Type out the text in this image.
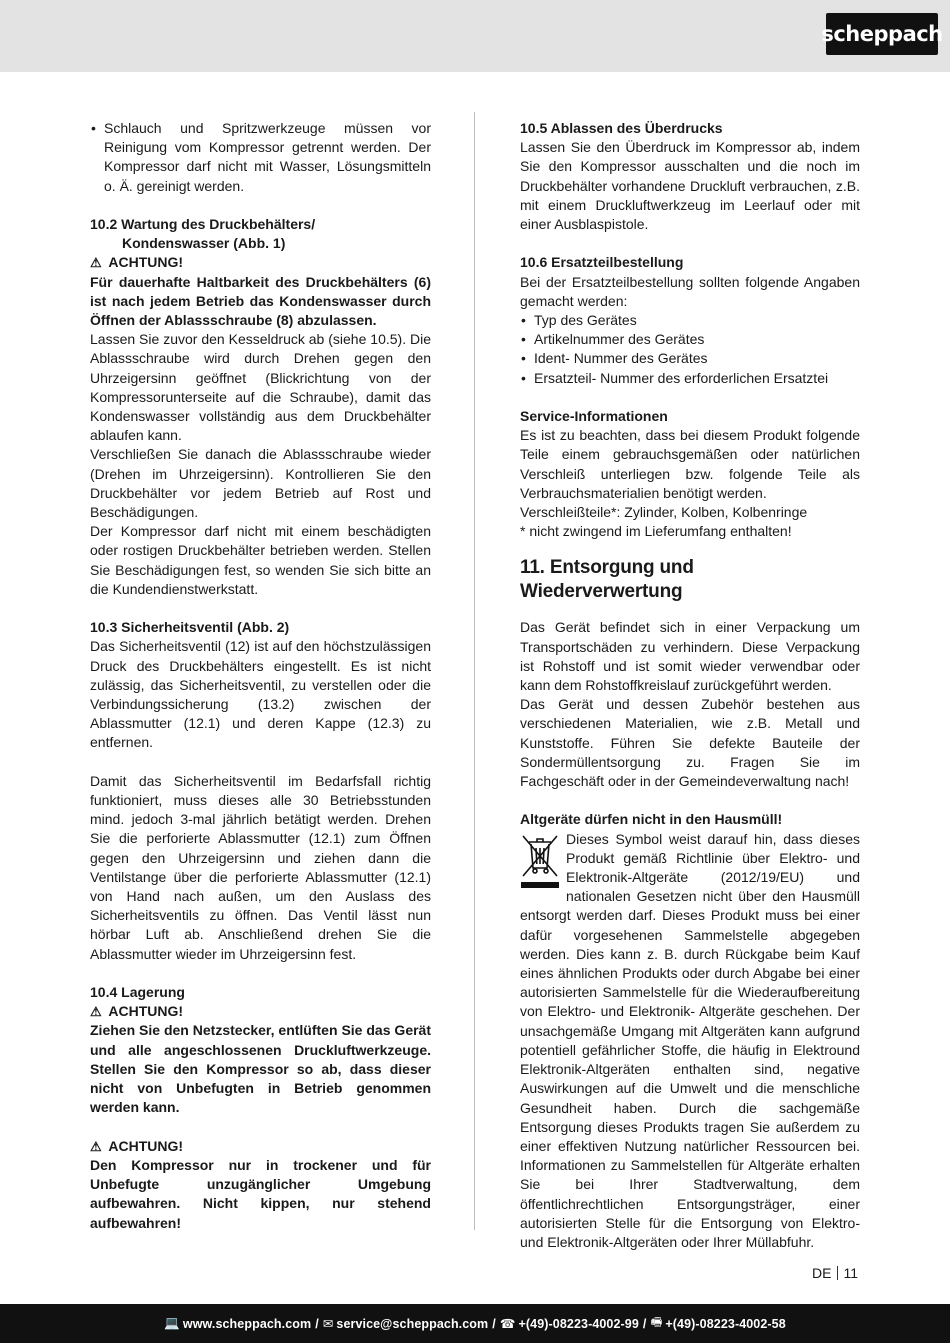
scheppach
• Schlauch und Spritzwerkzeuge müssen vor Reinigung vom Kompressor getrennt werden. Der Kompressor darf nicht mit Wasser, Lösungsmitteln o. Ä. gereinigt werden.

10.2 Wartung des Druckbehälters/

Kondenswasser (Abb. 1)

⚠ ACHTUNG!

Für dauerhafte Haltbarkeit des Druckbehälters (6) ist nach jedem Betrieb das Kondenswasser durch Öffnen der Ablassschraube (8) abzulassen.

Lassen Sie zuvor den Kesseldruck ab (siehe 10.5). Die Ablassschraube wird durch Drehen gegen den Uhrzeigersinn geöffnet (Blickrichtung von der Kompressorunterseite auf die Schraube), damit das Kondenswasser vollständig aus dem Druckbehälter ablaufen kann.

Verschließen Sie danach die Ablassschraube wieder (Drehen im Uhrzeigersinn). Kontrollieren Sie den Druckbehälter vor jedem Betrieb auf Rost und Beschädigungen.

Der Kompressor darf nicht mit einem beschädigten oder rostigen Druckbehälter betrieben werden. Stellen Sie Beschädigungen fest, so wenden Sie sich bitte an die Kundendienstwerkstatt.

10.3 Sicherheitsventil (Abb. 2)

Das Sicherheitsventil (12) ist auf den höchstzulässigen Druck des Druckbehälters eingestellt. Es ist nicht zulässig, das Sicherheitsventil, zu verstellen oder die Verbindungssicherung (13.2) zwischen der Ablassmutter (12.1) und deren Kappe (12.3) zu entfernen.

Damit das Sicherheitsventil im Bedarfsfall richtig funktioniert, muss dieses alle 30 Betriebsstunden mind. jedoch 3-mal jährlich betätigt werden. Drehen Sie die perforierte Ablassmutter (12.1) zum Öffnen gegen den Uhrzeigersinn und ziehen dann die Ventilstange über die perforierte Ablassmutter (12.1) von Hand nach außen, um den Auslass des Sicherheitsventils zu öffnen. Das Ventil lässt nun hörbar Luft ab. Anschließend drehen Sie die Ablassmutter wieder im Uhrzeigersinn fest.

10.4 Lagerung

⚠ ACHTUNG!

Ziehen Sie den Netzstecker, entlüften Sie das Gerät und alle angeschlossenen Druckluftwerkzeuge. Stellen Sie den Kompressor so ab, dass dieser nicht von Unbefugten in Betrieb genommen werden kann.

⚠ ACHTUNG!

Den Kompressor nur in trockener und für Unbefugte unzugänglicher Umgebung aufbewahren. Nicht kippen, nur stehend aufbewahren!

10.5 Ablassen des Überdrucks

Lassen Sie den Überdruck im Kompressor ab, indem Sie den Kompressor ausschalten und die noch im Druckbehälter vorhandene Druckluft verbrauchen, z.B. mit einem Druckluftwerkzeug im Leerlauf oder mit einer Ausblaspistole.

10.6 Ersatzteilbestellung

Bei der Ersatzteilbestellung sollten folgende Angaben gemacht werden:

• Typ des Gerätes
• Artikelnummer des Gerätes
• Ident- Nummer des Gerätes
• Ersatzteil- Nummer des erforderlichen Ersatztei

Service-Informationen

Es ist zu beachten, dass bei diesem Produkt folgende Teile einem gebrauchsgemäßen oder natürlichen Verschleiß unterliegen bzw. folgende Teile als Verbrauchsmaterialien benötigt werden.

Verschleißteile*: Zylinder, Kolben, Kolbenringe

* nicht zwingend im Lieferumfang enthalten!

11. Entsorgung und Wiederverwertung

Das Gerät befindet sich in einer Verpackung um Transportschäden zu verhindern. Diese Verpackung ist Rohstoff und ist somit wieder verwendbar oder kann dem Rohstoffkreislauf zurückgeführt werden.

Das Gerät und dessen Zubehör bestehen aus verschiedenen Materialien, wie z.B. Metall und Kunststoffe. Führen Sie defekte Bauteile der Sondermüllentsorgung zu. Fragen Sie im Fachgeschäft oder in der Gemeindeverwaltung nach!

Altgeräte dürfen nicht in den Hausmüll!

Dieses Symbol weist darauf hin, dass dieses Produkt gemäß Richtlinie über Elektro- und Elektronik-Altgeräte (2012/19/EU) und nationalen Gesetzen nicht über den Hausmüll entsorgt werden darf. Dieses Produkt muss bei einer dafür vorgesehenen Sammelstelle abgegeben werden. Dies kann z. B. durch Rückgabe beim Kauf eines ähnlichen Produkts oder durch Abgabe bei einer autorisierten Sammelstelle für die Wiederaufbereitung von Elektro- und Elektronik- Altgeräte geschehen. Der unsachgemäße Umgang mit Altgeräten kann aufgrund potentiell gefährlicher Stoffe, die häufig in Elektround Elektronik-Altgeräten enthalten sind, negative Auswirkungen auf die Umwelt und die menschliche Gesundheit haben. Durch die sachgemäße Entsorgung dieses Produkts tragen Sie außerdem zu einer effektiven Nutzung natürlicher Ressourcen bei. Informationen zu Sammelstellen für Altgeräte erhalten Sie bei Ihrer Stadtverwaltung, dem öffentlichrechtlichen Entsorgungsträger, einer autorisierten Stelle für die Entsorgung von Elektro- und Elektronik-Altgeräten oder Ihrer Müllabfuhr.

DE 11
💻 www.scheppach.com / ✉ service@scheppach.com / ☎ +(49)-08223-4002-99 / 🖷 +(49)-08223-4002-58
